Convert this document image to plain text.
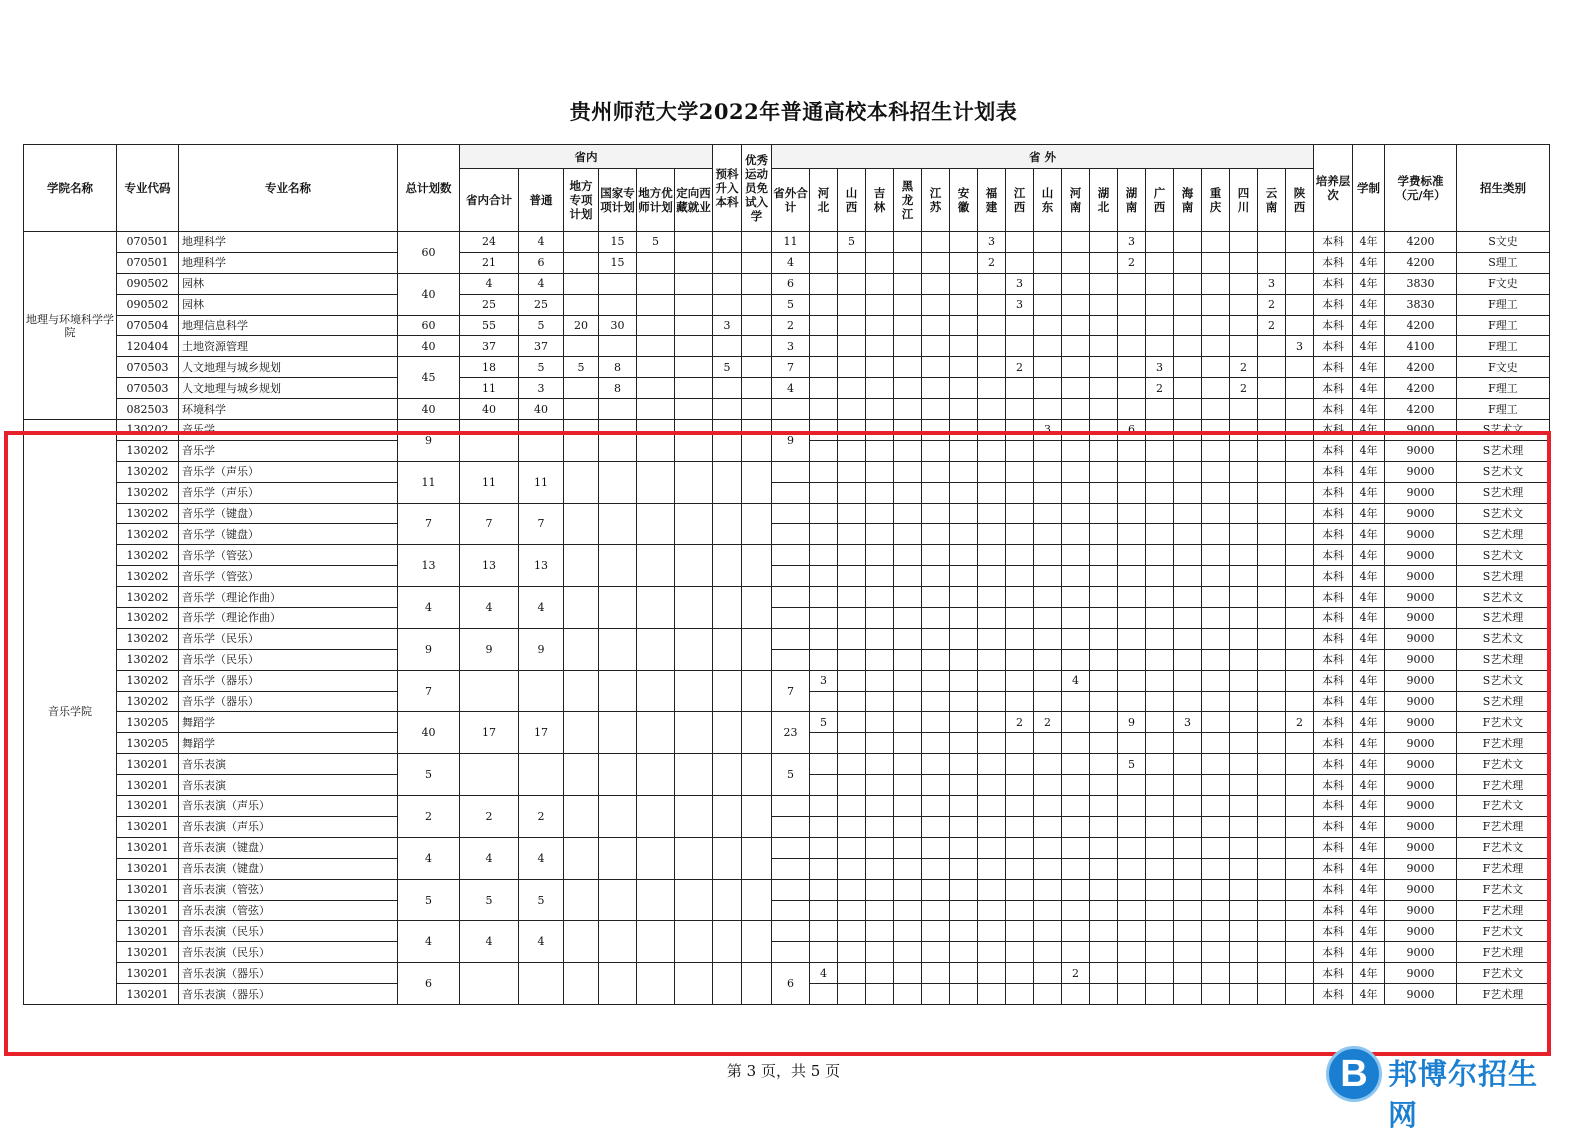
贵州师范大学2022年普通高校本科招生计划表
学院名称	专业代码	专业名称	总计划数	省内						预科升入本科	优秀运动员免试入学	省 外																			培养层次	学制	学费标准（元/年）	招生类别
				省内合计	普通	地方专项计划	国家专项计划	地方优师计划	定向西藏就业			省外合计	河北	山西	吉林	黑龙江	江苏	安徽	福建	江西	山东	河南	湖北	湖南	广西	海南	重庆	四川	云南	陕西				
地理与环境科学学院	070501	地理科学	60	24	4		15	5				11		5					3					3							本科	4年	4200	S文史
	070501	地理科学		21	6		15					4							2					2							本科	4年	4200	S理工
	090502	园林	40	4	4							6								3									3		本科	4年	3830	F文史
	090502	园林		25	25							5								3									2		本科	4年	3830	F理工
	070504	地理信息科学	60	55	5	20	30			3		2																	2		本科	4年	4200	F理工
	120404	土地资源管理	40	37	37							3																		3	本科	4年	4100	F理工
	070503	人文地理与城乡规划	45	18	5	5	8			5		7								2					3			2			本科	4年	4200	F文史
	070503	人文地理与城乡规划		11	3		8					4													2			2			本科	4年	4200	F理工
	082503	环境科学	40	40	40																										本科	4年	4200	F理工
音乐学院	130202	音乐学	9									9									3			6							本科	4年	9000	S艺术文
	130202	音乐学																													本科	4年	9000	S艺术理
	130202	音乐学（声乐）	11	11	11																										本科	4年	9000	S艺术文
	130202	音乐学（声乐）																													本科	4年	9000	S艺术理
	130202	音乐学（键盘）	7	7	7																										本科	4年	9000	S艺术文
	130202	音乐学（键盘）																													本科	4年	9000	S艺术理
	130202	音乐学（管弦）	13	13	13																										本科	4年	9000	S艺术文
	130202	音乐学（管弦）																													本科	4年	9000	S艺术理
	130202	音乐学（理论作曲）	4	4	4																										本科	4年	9000	S艺术文
	130202	音乐学（理论作曲）																													本科	4年	9000	S艺术理
	130202	音乐学（民乐）	9	9	9																										本科	4年	9000	S艺术文
	130202	音乐学（民乐）																													本科	4年	9000	S艺术理
	130202	音乐学（器乐）	7									7	3									4									本科	4年	9000	S艺术文
	130202	音乐学（器乐）																													本科	4年	9000	S艺术理
	130205	舞蹈学	40	17	17							23	5							2	2			9		3				2	本科	4年	9000	F艺术文
	130205	舞蹈学																													本科	4年	9000	F艺术理
	130201	音乐表演	5									5												5							本科	4年	9000	F艺术文
	130201	音乐表演																													本科	4年	9000	F艺术理
	130201	音乐表演（声乐）	2	2	2																										本科	4年	9000	F艺术文
	130201	音乐表演（声乐）																													本科	4年	9000	F艺术理
	130201	音乐表演（键盘）	4	4	4																										本科	4年	9000	F艺术文
	130201	音乐表演（键盘）																													本科	4年	9000	F艺术理
	130201	音乐表演（管弦）	5	5	5																										本科	4年	9000	F艺术文
	130201	音乐表演（管弦）																													本科	4年	9000	F艺术理
	130201	音乐表演（民乐）	4	4	4																										本科	4年	9000	F艺术文
	130201	音乐表演（民乐）																													本科	4年	9000	F艺术理
	130201	音乐表演（器乐）	6									6	4									2									本科	4年	9000	F艺术文
	130201	音乐表演（器乐）																													本科	4年	9000	F艺术理
第 3 页，共 5 页	B 邦博尔招生网
